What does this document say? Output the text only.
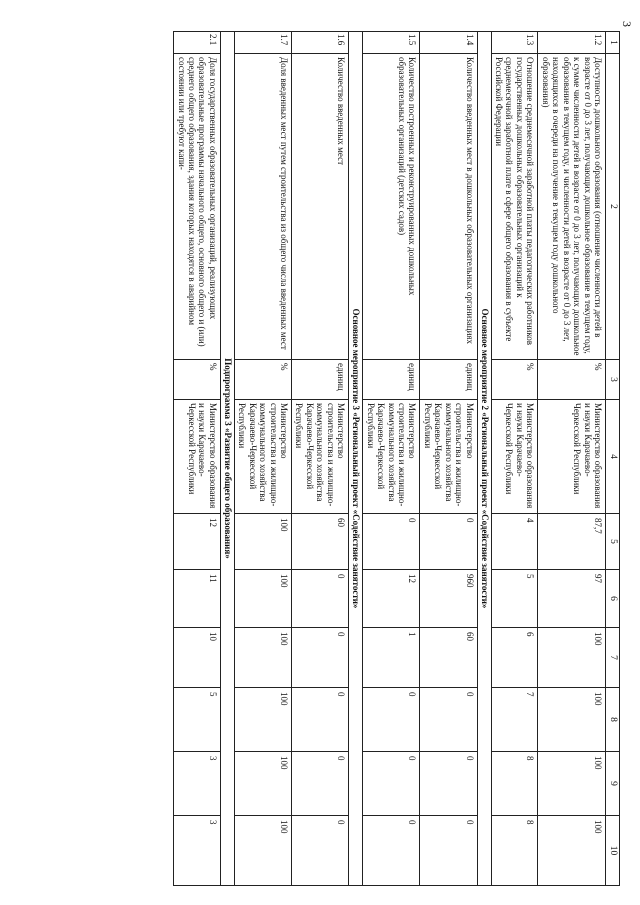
3
1	2	3	4	5	6	7	8	9	10
1.2	Доступность дошкольного образования (отношение численности детей в возрасте от 0 до 3 лет, получающих дошкольное образование в текущем году, к сумме численности детей в возрасте от 0 до 3 лет, получающих дошкольное образование в текущем году, и численности детей в возрасте от 0 до 3 лет, находящихся в очереди на получение в текущем году дошкольного образования)	%	Министерство образования и науки Карачаево-Черкесской Республики	87,7	97	100	100	100	100
1.3	Отношение среднемесячной заработной платы педагогических работников государственных дошкольных образовательных организаций к среднемесячной заработной плате в сфере общего образования в субъекте Российской Федерации	%	Министерство образования и науки Карачаево-Черкесской Республики	4	5	6	7	8	8
Основное мероприятие 2 «Региональный проект «Содействие занятости»									
1.4	Количество введенных мест в дошкольных образовательных организациях	единиц	Министерство строительства и жилищно-коммунального хозяйства Карачаево-Черкесской Республики	0	960	60	0	0	0
1.5	Количество построенных и реконструированных дошкольных образовательных организаций (детских садов)	единиц	Министерство строительства и жилищно-коммунального хозяйства Карачаево-Черкесской Республики	0	12	1	0	0	0
Основное мероприятие 3 «Региональный проект «Содействие занятости»									
1.6	Количество введенных мест	единиц	Министерство строительства и жилищно-коммунального хозяйства Карачаево-Черкесской Республики	60	0	0	0	0	0
1.7	Доля введенных мест путем строительства из общего числа введенных мест	%	Министерство строительства и жилищно-коммунального хозяйства Карачаево-Черкесской Республики	100	100	100	100	100	100
Подпрограмма 3 «Развитие общего образования»									
2.1	Доля государственных образовательных организаций, реализующих образовательные программы начального общего, основного общего и (или) среднего общего образования, здания которых находятся в аварийном состоянии или требуют капи-	%	Министерство образования и науки Карачаево-Черкесской Республики	12	11	10	5	3	3
